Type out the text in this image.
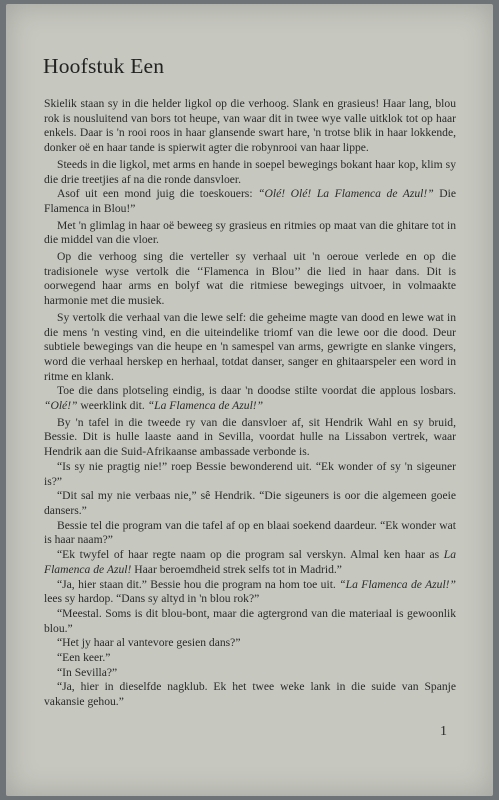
Hoofstuk Een

Skielik staan sy in die helder ligkol op die verhoog. Slank en grasieus! Haar lang, blou rok is nousluitend van bors tot heupe, van waar dit in twee wye valle uitklok tot op haar enkels. Daar is 'n rooi roos in haar glansende swart hare, 'n trotse blik in haar lokkende, donker oë en haar tande is spierwit agter die robynrooi van haar lippe.

Steeds in die ligkol, met arms en hande in soepel bewegings bokant haar kop, klim sy die drie treetjies af na die ronde dansvloer.

Asof uit een mond juig die toeskouers: “Olé! Olé! La Flamenca de Azul!” Die Flamenca in Blou!”

Met 'n glimlag in haar oë beweeg sy grasieus en ritmies op maat van die ghitare tot in die middel van die vloer.

Op die verhoog sing die verteller sy verhaal uit 'n oeroue verlede en op die tradisionele wyse vertolk die ‘‘Flamenca in Blou’’ die lied in haar dans. Dit is oorwegend haar arms en bolyf wat die ritmiese bewegings uitvoer, in volmaakte harmonie met die musiek.

Sy vertolk die verhaal van die lewe self: die geheime magte van dood en lewe wat in die mens 'n vesting vind, en die uiteindelike triomf van die lewe oor die dood. Deur subtiele bewegings van die heupe en 'n samespel van arms, gewrigte en slanke vingers, word die verhaal herskep en herhaal, totdat danser, sanger en ghitaarspeler een word in ritme en klank.

Toe die dans plotseling eindig, is daar 'n doodse stilte voordat die applous losbars. “Olé!” weerklink dit. “La Flamenca de Azul!”

By 'n tafel in die tweede ry van die dansvloer af, sit Hendrik Wahl en sy bruid, Bessie. Dit is hulle laaste aand in Sevilla, voordat hulle na Lissabon vertrek, waar Hendrik aan die Suid-Afrikaanse ambassade verbonde is.

“Is sy nie pragtig nie!” roep Bessie bewonderend uit. “Ek wonder of sy 'n sigeuner is?”

“Dit sal my nie verbaas nie,” sê Hendrik. “Die sigeuners is oor die algemeen goeie dansers.”

Bessie tel die program van die tafel af op en blaai soekend daardeur. “Ek wonder wat is haar naam?”

“Ek twyfel of haar regte naam op die program sal verskyn. Almal ken haar as La Flamenca de Azul! Haar beroemdheid strek selfs tot in Madrid.”

“Ja, hier staan dit.” Bessie hou die program na hom toe uit. “La Flamenca de Azul!” lees sy hardop. “Dans sy altyd in 'n blou rok?”

“Meestal. Soms is dit blou-bont, maar die agtergrond van die materiaal is gewoonlik blou.”

“Het jy haar al vantevore gesien dans?”

“Een keer.”

“In Sevilla?”

“Ja, hier in dieselfde nagklub. Ek het twee weke lank in die suide van Spanje vakansie gehou.”

1
